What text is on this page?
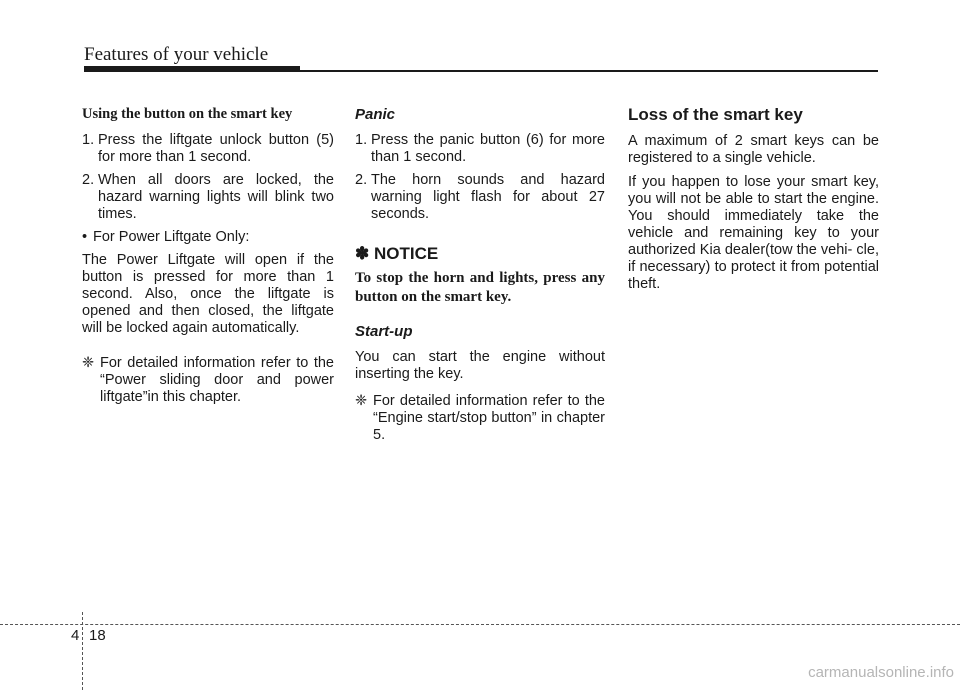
Features of your vehicle
Using the button on the smart key
1. Press the liftgate unlock button (5) for more than 1 second.
2. When all doors are locked, the hazard warning lights will blink two times.
• For Power Liftgate Only:

The Power Liftgate will open if the button is pressed for more than 1 second. Also, once the liftgate is opened and then closed, the liftgate will be locked again automatically.

❈ For detailed information refer to the “Power sliding door and power liftgate”in this chapter.
Panic
1. Press the panic button (6) for more than 1 second.
2. The horn sounds and hazard warning light flash for about 27 seconds.
✽ NOTICE

To stop the horn and lights, press any button on the smart key.

Start-up

You can start the engine without inserting the key.

❈ For detailed information refer to the “Engine start/stop button” in chapter 5.
Loss of the smart key

A maximum of 2 smart keys can be registered to a single vehicle.

If you happen to lose your smart key, you will not be able to start the engine. You should immediately take the vehicle and remaining key to your authorized Kia dealer(tow the vehi- cle, if necessary) to protect it from potential theft.

4 18
carmanualsonline.info
